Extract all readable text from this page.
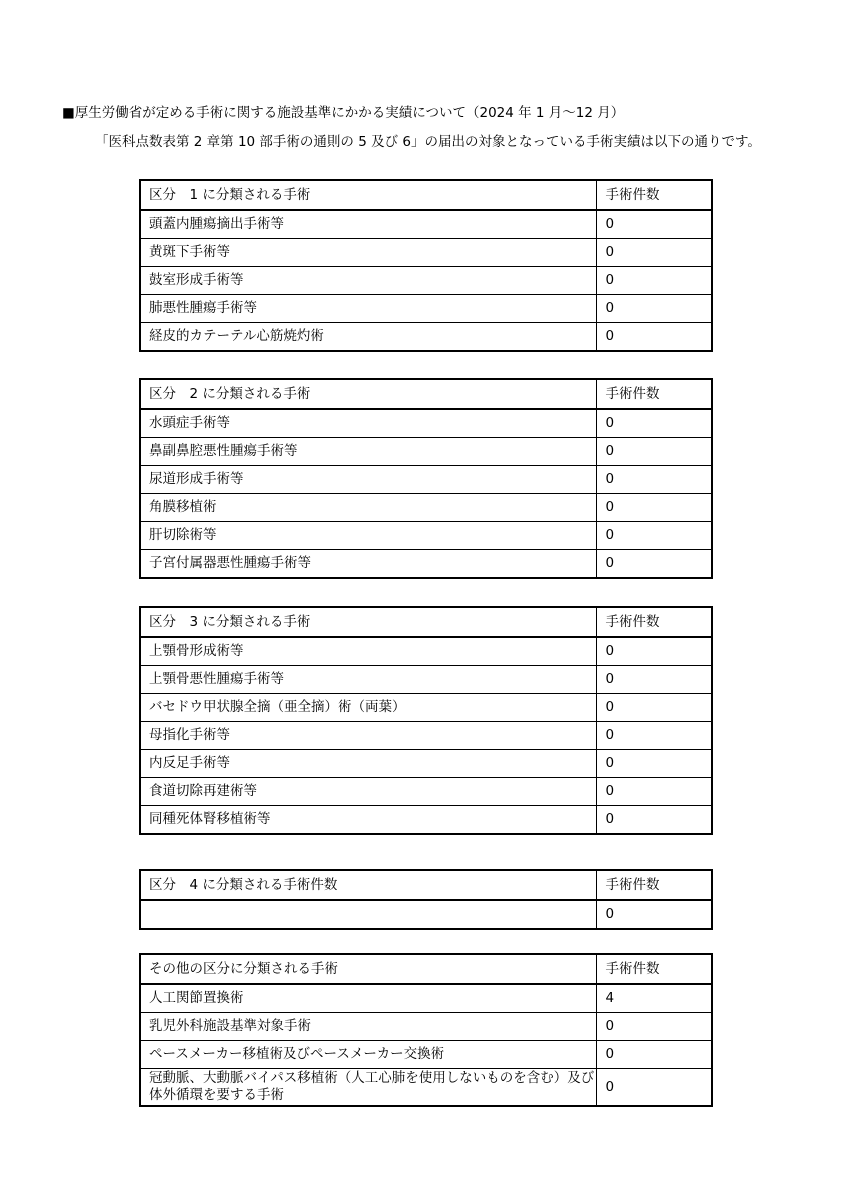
■厚生労働省が定める手術に関する施設基準にかかる実績について（2024 年 1 月～12 月）
「医科点数表第 2 章第 10 部手術の通則の 5 及び 6」の届出の対象となっている手術実績は以下の通りです。
区分　1 に分類される手術	手術件数
頭蓋内腫瘍摘出手術等	0
黄斑下手術等	0
鼓室形成手術等	0
肺悪性腫瘍手術等	0
経皮的カテーテル心筋焼灼術	0
区分　2 に分類される手術	手術件数
水頭症手術等	0
鼻副鼻腔悪性腫瘍手術等	0
尿道形成手術等	0
角膜移植術	0
肝切除術等	0
子宮付属器悪性腫瘍手術等	0
区分　3 に分類される手術	手術件数
上顎骨形成術等	0
上顎骨悪性腫瘍手術等	0
バセドウ甲状腺全摘（亜全摘）術（両葉）	0
母指化手術等	0
内反足手術等	0
食道切除再建術等	0
同種死体腎移植術等	0
区分　4 に分類される手術件数	手術件数
	0
その他の区分に分類される手術	手術件数
人工関節置換術	4
乳児外科施設基準対象手術	0
ペースメーカー移植術及びペースメーカー交換術	0
冠動脈、大動脈バイパス移植術（人工心肺を使用しないものを含む）及び体外循環を要する手術	0
